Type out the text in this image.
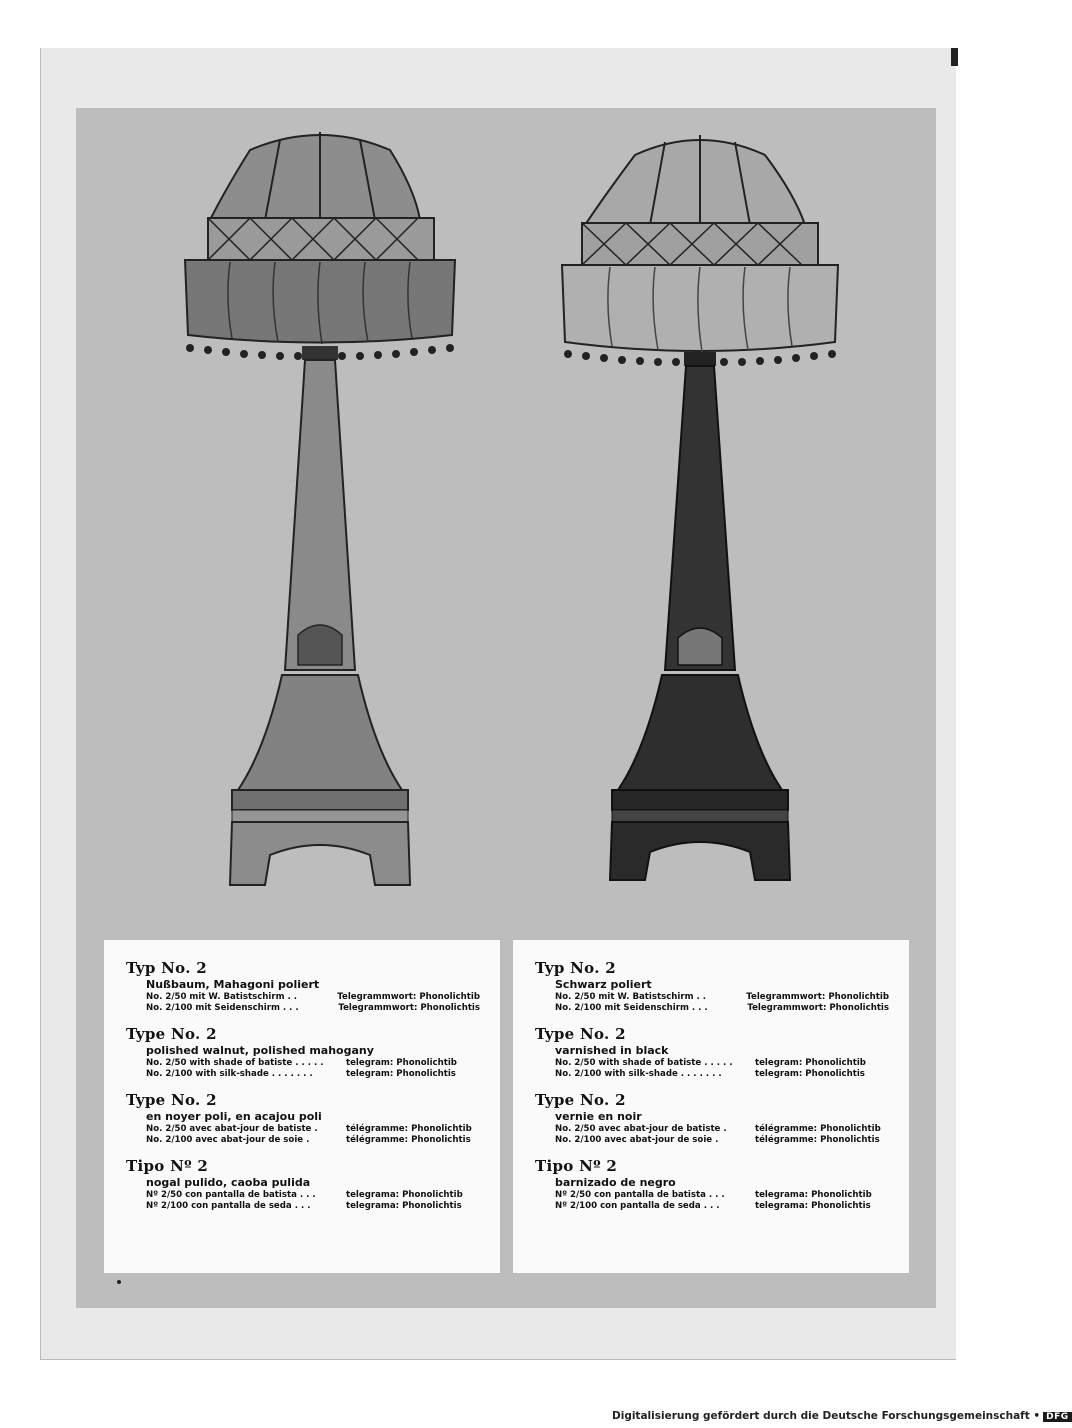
Typ No. 2
Nußbaum, Mahagoni poliert
No. 2/50 mit W. Batistschirm . .	Telegrammwort: Phonolichtib
No. 2/100 mit Seidenschirm . . .	Telegrammwort: Phonolichtis
Type No. 2
polished walnut, polished mahogany
No. 2/50 with shade of batiste . . . . .	telegram: Phonolichtib
No. 2/100 with silk-shade . . . . . . .	telegram: Phonolichtis
Type No. 2
en noyer poli, en acajou poli
No. 2/50 avec abat-jour de batiste .	télégramme: Phonolichtib
No. 2/100 avec abat-jour de soie .	télégramme: Phonolichtis
Tipo Nº 2
nogal pulido, caoba pulida
Nº 2/50 con pantalla de batista . . .	telegrama: Phonolichtib
Nº 2/100 con pantalla de seda . . .	telegrama: Phonolichtis
Typ No. 2
Schwarz poliert
No. 2/50 mit W. Batistschirm . .	Telegrammwort: Phonolichtib
No. 2/100 mit Seidenschirm . . .	Telegrammwort: Phonolichtis
Type No. 2
varnished in black
No. 2/50 with shade of batiste . . . . .	telegram: Phonolichtib
No. 2/100 with silk-shade . . . . . . .	telegram: Phonolichtis
Type No. 2
vernie en noir
No. 2/50 avec abat-jour de batiste .	télégramme: Phonolichtib
No. 2/100 avec abat-jour de soie .	télégramme: Phonolichtis
Tipo Nº 2
barnizado de negro
Nº 2/50 con pantalla de batista . . .	telegrama: Phonolichtib
Nº 2/100 con pantalla de seda . . .	telegrama: Phonolichtis
Digitalisierung gefördert durch die Deutsche Forschungsgemeinschaft • DFG
